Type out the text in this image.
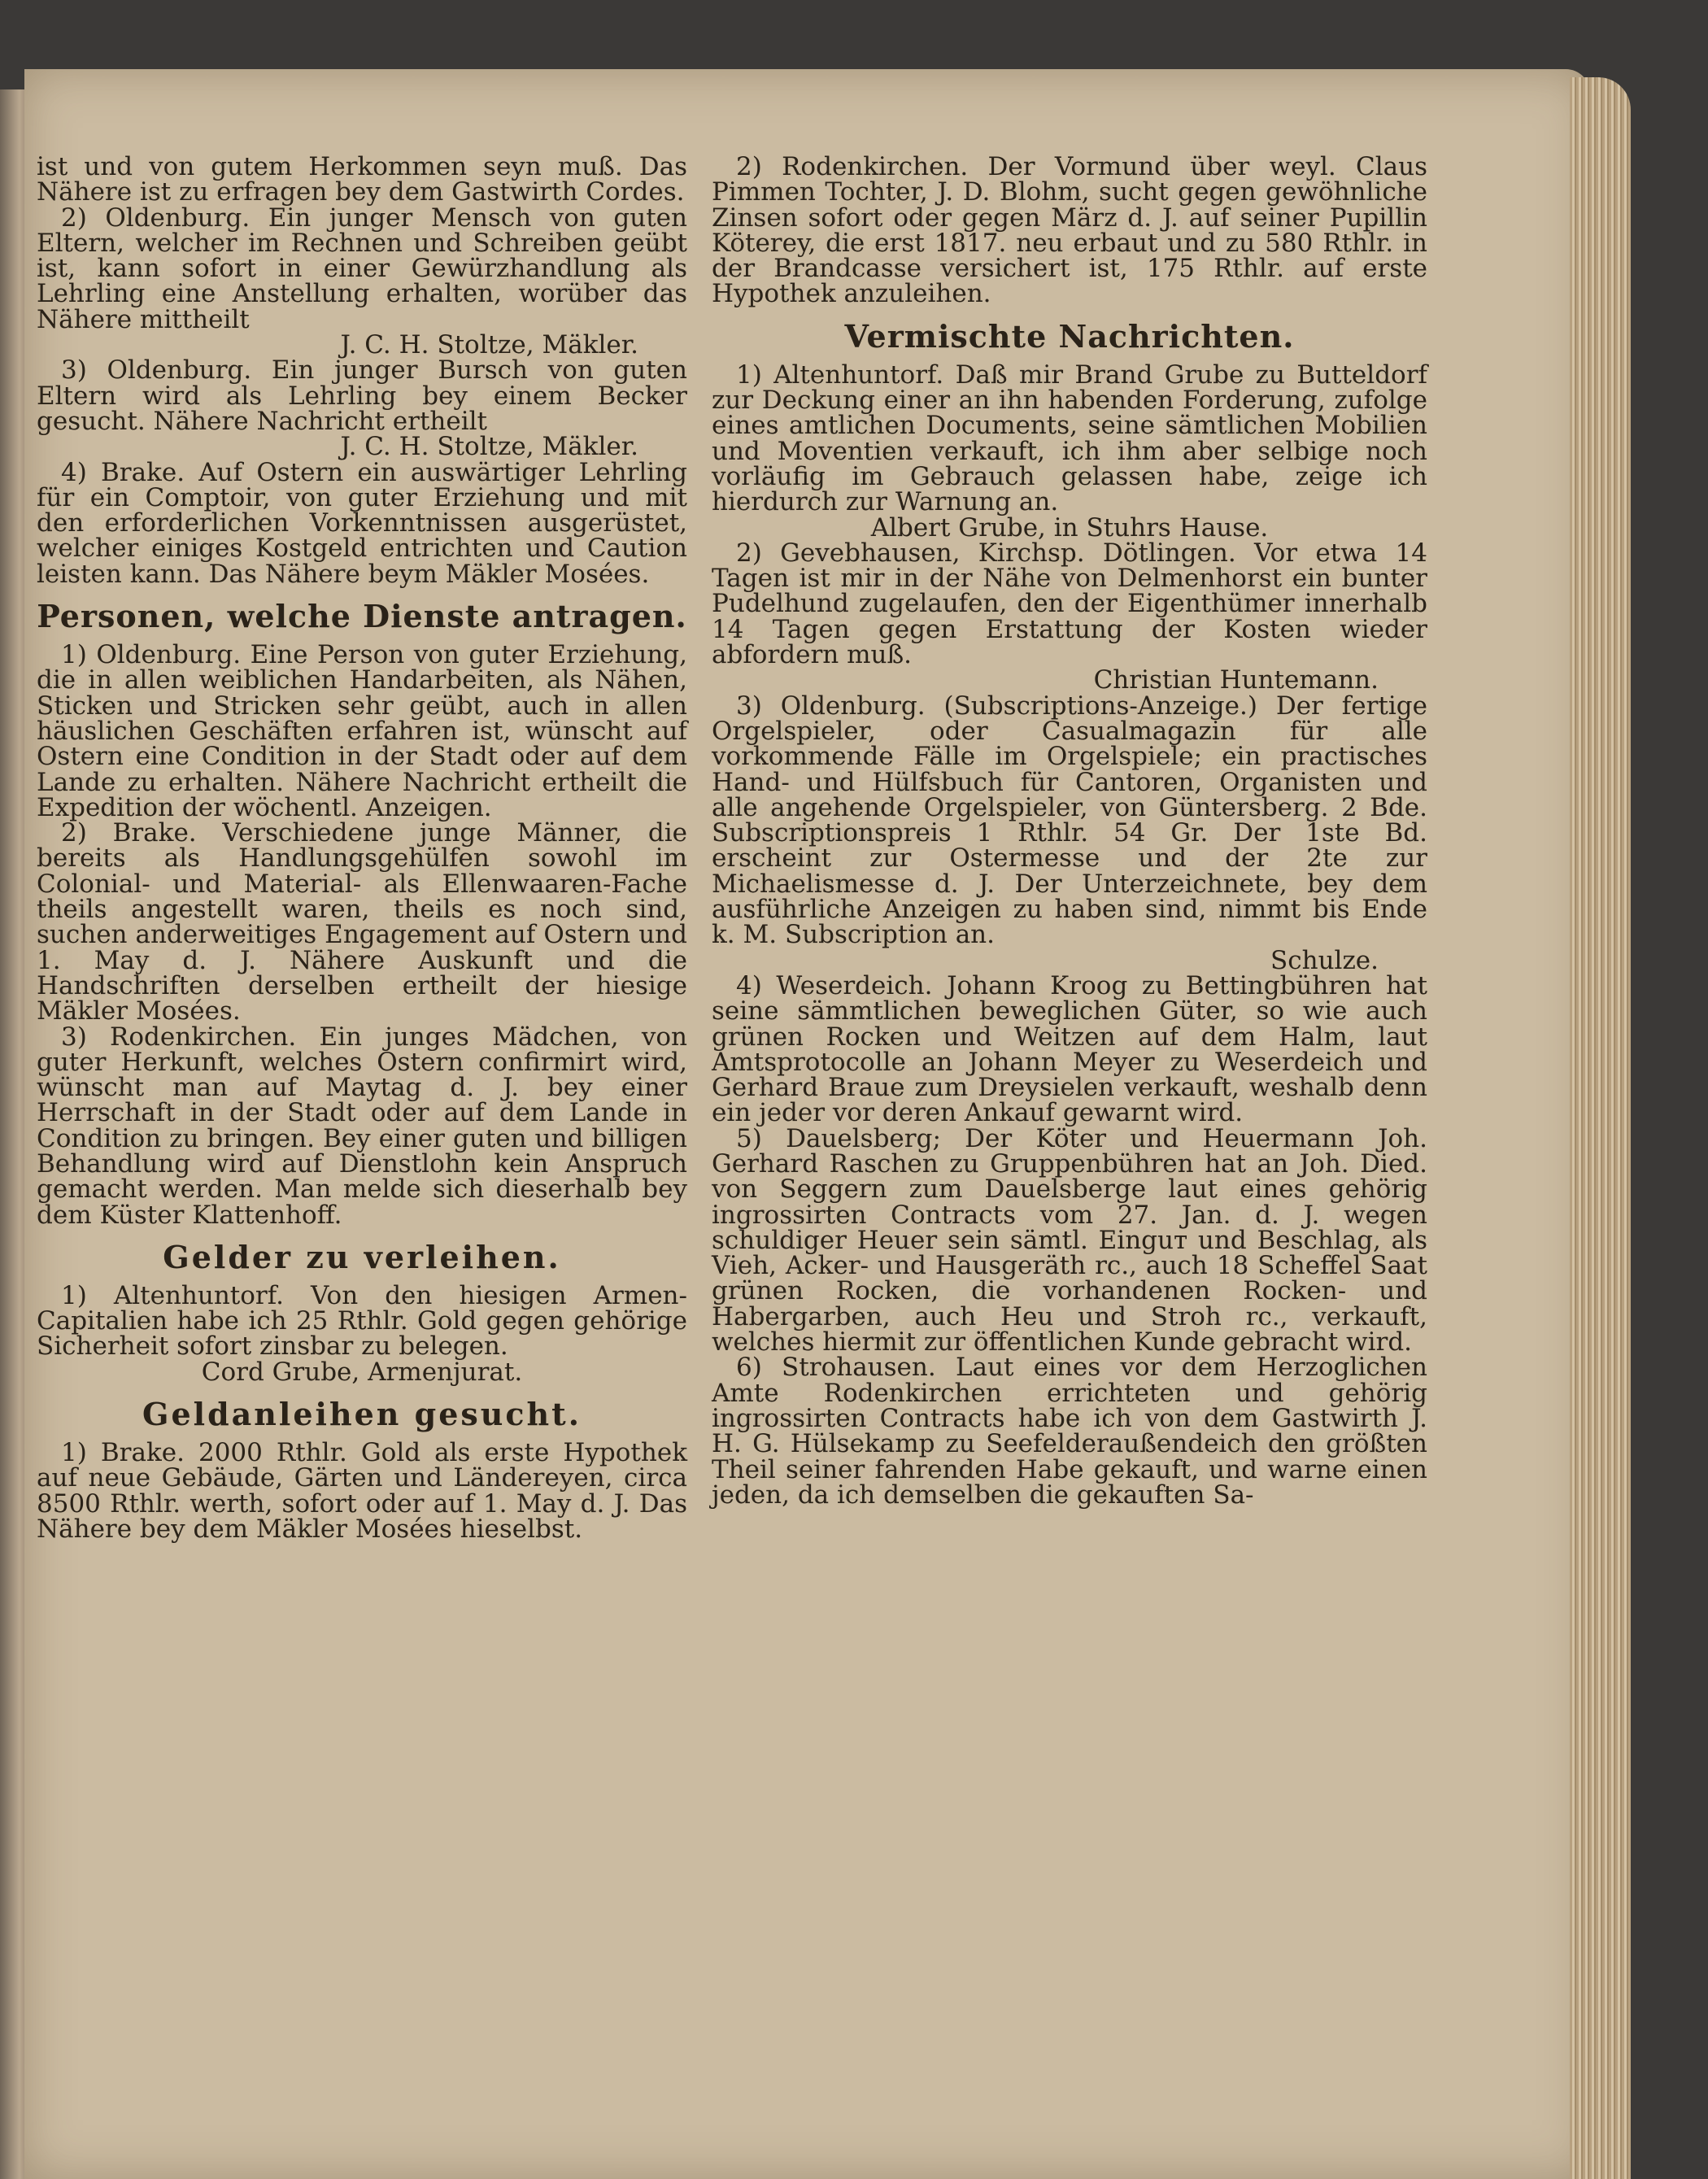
ist und von gutem Herkommen seyn muß. Das Nähere ist zu erfragen bey dem Gastwirth Cordes.

2) Oldenburg. Ein junger Mensch von guten Eltern, welcher im Rechnen und Schreiben geübt ist, kann sofort in einer Gewürzhandlung als Lehrling eine Anstellung erhalten, worüber das Nähere mittheilt

J. C. H. Stoltze, Mäkler.

3) Oldenburg. Ein junger Bursch von guten Eltern wird als Lehrling bey einem Becker gesucht. Nähere Nachricht ertheilt

J. C. H. Stoltze, Mäkler.

4) Brake. Auf Ostern ein auswärtiger Lehrling für ein Comptoir, von guter Erziehung und mit den erforderlichen Vorkenntnissen ausgerüstet, welcher einiges Kostgeld entrichten und Caution leisten kann. Das Nähere beym Mäkler Mosées.

Personen, welche Dienste antragen.

1) Oldenburg. Eine Person von guter Erziehung, die in allen weiblichen Handarbeiten, als Nähen, Sticken und Stricken sehr geübt, auch in allen häuslichen Geschäften erfahren ist, wünscht auf Ostern eine Condition in der Stadt oder auf dem Lande zu erhalten. Nähere Nachricht ertheilt die Expedition der wöchentl. Anzeigen.

2) Brake. Verschiedene junge Männer, die bereits als Handlungsgehülfen sowohl im Colonial- und Material- als Ellenwaaren-Fache theils angestellt waren, theils es noch sind, suchen anderweitiges Engagement auf Ostern und 1. May d. J. Nähere Auskunft und die Handschriften derselben ertheilt der hiesige Mäkler Mosées.

3) Rodenkirchen. Ein junges Mädchen, von guter Herkunft, welches Ostern confirmirt wird, wünscht man auf Maytag d. J. bey einer Herrschaft in der Stadt oder auf dem Lande in Condition zu bringen. Bey einer guten und billigen Behandlung wird auf Dienstlohn kein Anspruch gemacht werden. Man melde sich dieserhalb bey dem Küster Klattenhoff.

Gelder zu verleihen.

1) Altenhuntorf. Von den hiesigen Armen-Capitalien habe ich 25 Rthlr. Gold gegen gehörige Sicherheit sofort zinsbar zu belegen.

Cord Grube, Armenjurat.

Geldanleihen gesucht.

1) Brake. 2000 Rthlr. Gold als erste Hypothek auf neue Gebäude, Gärten und Ländereyen, circa 8500 Rthlr. werth, sofort oder auf 1. May d. J. Das Nähere bey dem Mäkler Mosées hieselbst.

2) Rodenkirchen. Der Vormund über weyl. Claus Pimmen Tochter, J. D. Blohm, sucht gegen gewöhnliche Zinsen sofort oder gegen März d. J. auf seiner Pupillin Köterey, die erst 1817. neu erbaut und zu 580 Rthlr. in der Brandcasse versichert ist, 175 Rthlr. auf erste Hypothek anzuleihen.

Vermischte Nachrichten.

1) Altenhuntorf. Daß mir Brand Grube zu Butteldorf zur Deckung einer an ihn habenden Forderung, zufolge eines amtlichen Documents, seine sämtlichen Mobilien und Moventien verkauft, ich ihm aber selbige noch vorläufig im Gebrauch gelassen habe, zeige ich hierdurch zur Warnung an.

Albert Grube, in Stuhrs Hause.

2) Gevebhausen, Kirchsp. Dötlingen. Vor etwa 14 Tagen ist mir in der Nähe von Delmenhorst ein bunter Pudelhund zugelaufen, den der Eigenthümer innerhalb 14 Tagen gegen Erstattung der Kosten wieder abfordern muß.

Christian Huntemann.

3) Oldenburg. (Subscriptions-Anzeige.) Der fertige Orgelspieler, oder Casualmagazin für alle vorkommende Fälle im Orgelspiele; ein practisches Hand- und Hülfsbuch für Cantoren, Organisten und alle angehende Orgelspieler, von Güntersberg. 2 Bde. Subscriptionspreis 1 Rthlr. 54 Gr. Der 1ste Bd. erscheint zur Ostermesse und der 2te zur Michaelismesse d. J. Der Unterzeichnete, bey dem ausführliche Anzeigen zu haben sind, nimmt bis Ende k. M. Subscription an.

Schulze.

4) Weserdeich. Johann Kroog zu Bettingbühren hat seine sämmtlichen beweglichen Güter, so wie auch grünen Rocken und Weitzen auf dem Halm, laut Amtsprotocolle an Johann Meyer zu Weserdeich und Gerhard Braue zum Dreysielen verkauft, weshalb denn ein jeder vor deren Ankauf gewarnt wird.

5) Dauelsberg; Der Köter und Heuermann Joh. Gerhard Raschen zu Gruppenbühren hat an Joh. Died. von Seggern zum Dauelsberge laut eines gehörig ingrossirten Contracts vom 27. Jan. d. J. wegen schuldiger Heuer sein sämtl. Einguт und Beschlag, als Vieh, Acker- und Hausgeräth rc., auch 18 Scheffel Saat grünen Rocken, die vorhandenen Rocken- und Habergarben, auch Heu und Stroh rc., verkauft, welches hiermit zur öffentlichen Kunde gebracht wird.

6) Strohausen. Laut eines vor dem Herzoglichen Amte Rodenkirchen errichteten und gehörig ingrossirten Contracts habe ich von dem Gastwirth J. H. G. Hülsekamp zu Seefelderaußendeich den größten Theil seiner fahrenden Habe gekauft, und warne einen jeden, da ich demselben die gekauften Sa-
